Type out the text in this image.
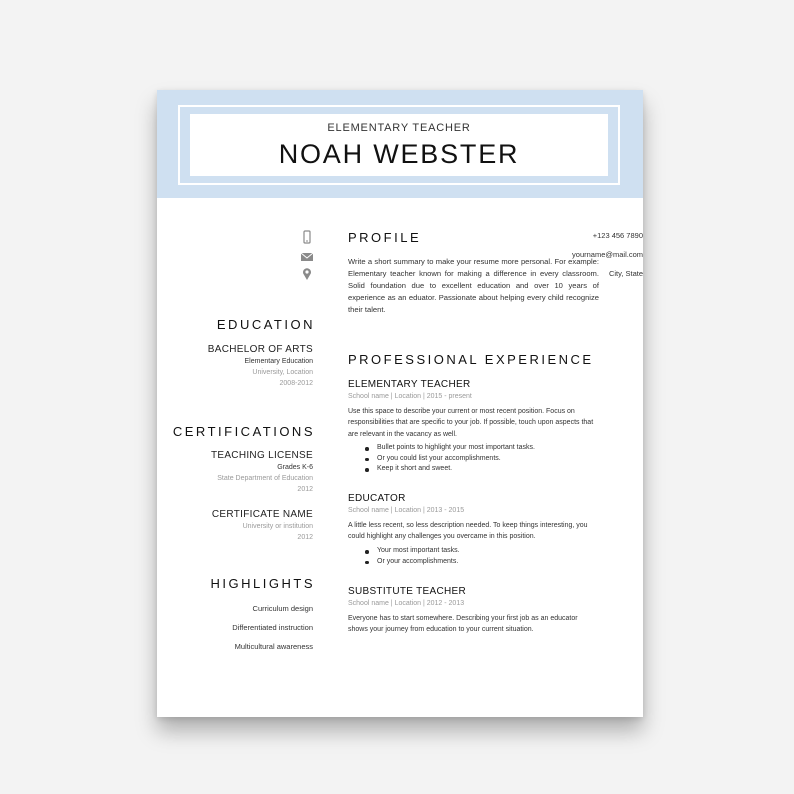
ELEMENTARY TEACHER
NOAH WEBSTER
+123 456 7890
yourname@mail.com
City, State
EDUCATION
BACHELOR OF ARTS
Elementary Education
University, Location
2008-2012
CERTIFICATIONS
TEACHING LICENSE
Grades K-6
State Department of Education
2012
CERTIFICATE NAME
University or institution
2012
HIGHLIGHTS
Curriculum design
Differentiated instruction
Multicultural awareness
PROFILE

Write a short summary to make your resume more personal. For example: Elementary teacher known for making a difference in every classroom. Solid foundation due to excellent education and over 10 years of experience as an eduator. Passionate about helping every child recognize their talent.

PROFESSIONAL EXPERIENCE
ELEMENTARY TEACHER
School name | Location | 2015 - present

Use this space to describe your current or most recent position. Focus on responsibilities that are specific to your job. If possible, touch upon aspects that are relevant in the vacancy as well.

Bullet points to highlight your most important tasks.
Or you could list your accomplishments.
Keep it short and sweet.
EDUCATOR
School name | Location | 2013 - 2015

A little less recent, so less description needed. To keep things interesting, you could highlight any challenges you overcame in this position.

Your most important tasks.
Or your accomplishments.
SUBSTITUTE TEACHER
School name | Location | 2012 - 2013

Everyone has to start somewhere. Describing your first job as an educator shows your journey from education to your current situation.
